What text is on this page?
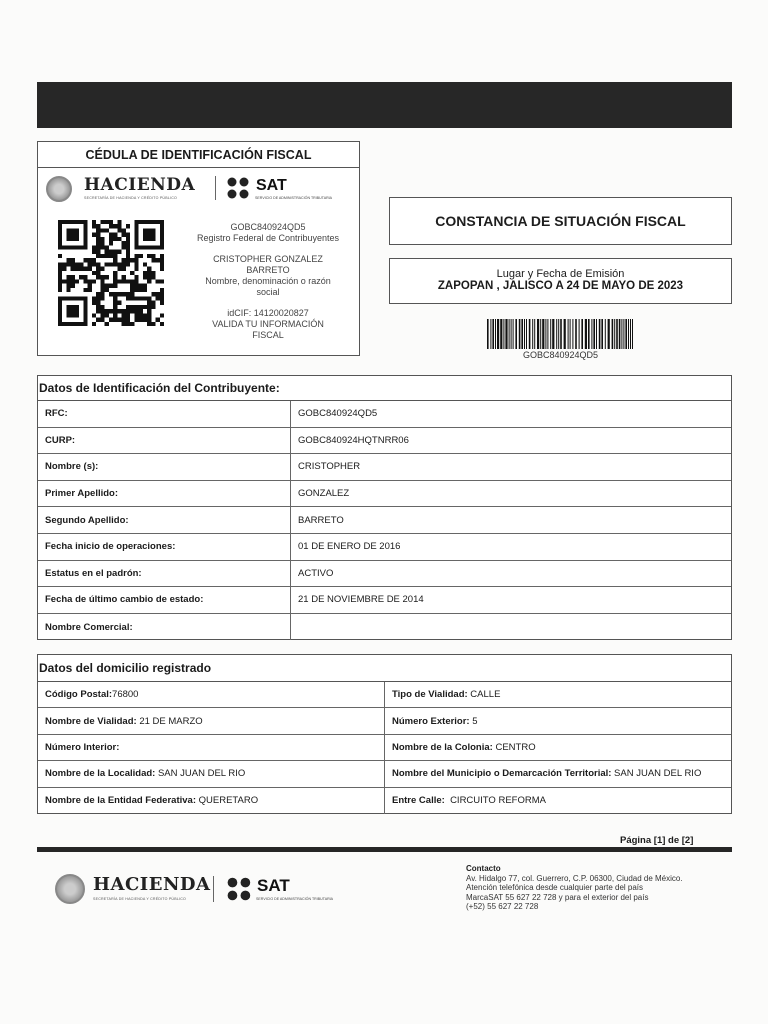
CÉDULA DE IDENTIFICACIÓN FISCAL
HACIENDA
SECRETARÍA DE HACIENDA Y CRÉDITO PÚBLICO
SAT
SERVICIO DE ADMINISTRACIÓN TRIBUTARIA
GOBC840924QD5
Registro Federal de Contribuyentes
CRISTOPHER GONZALEZ
BARRETO
Nombre, denominación o razón
social
idCIF: 14120020827
VALIDA TU INFORMACIÓN
FISCAL
CONSTANCIA DE SITUACIÓN FISCAL
Lugar y Fecha de Emisión
ZAPOPAN , JALISCO A 24 DE MAYO DE 2023
GOBC840924QD5
Datos de Identificación del Contribuyente:
RFC:	GOBC840924QD5
CURP:	GOBC840924HQTNRR06
Nombre (s):	CRISTOPHER
Primer Apellido:	GONZALEZ
Segundo Apellido:	BARRETO
Fecha inicio de operaciones:	01 DE ENERO DE 2016
Estatus en el padrón:	ACTIVO
Fecha de último cambio de estado:	21 DE NOVIEMBRE DE 2014
Nombre Comercial:
Datos del domicilio registrado
Código Postal: 76800	Tipo de Vialidad: CALLE
Nombre de Vialidad: 21 DE MARZO	Número Exterior: 5
Número Interior:	Nombre de la Colonia: CENTRO
Nombre de la Localidad: SAN JUAN DEL RIO	Nombre del Municipio o Demarcación Territorial: SAN JUAN DEL RIO
Nombre de la Entidad Federativa: QUERETARO	Entre Calle: CIRCUITO REFORMA
Página [1] de [2]
HACIENDA
SECRETARÍA DE HACIENDA Y CRÉDITO PÚBLICO
SAT
SERVICIO DE ADMINISTRACIÓN TRIBUTARIA
Contacto
Av. Hidalgo 77, col. Guerrero, C.P. 06300, Ciudad de México.
Atención telefónica desde cualquier parte del país
MarcaSAT 55 627 22 728 y para el exterior del país
(+52) 55 627 22 728
